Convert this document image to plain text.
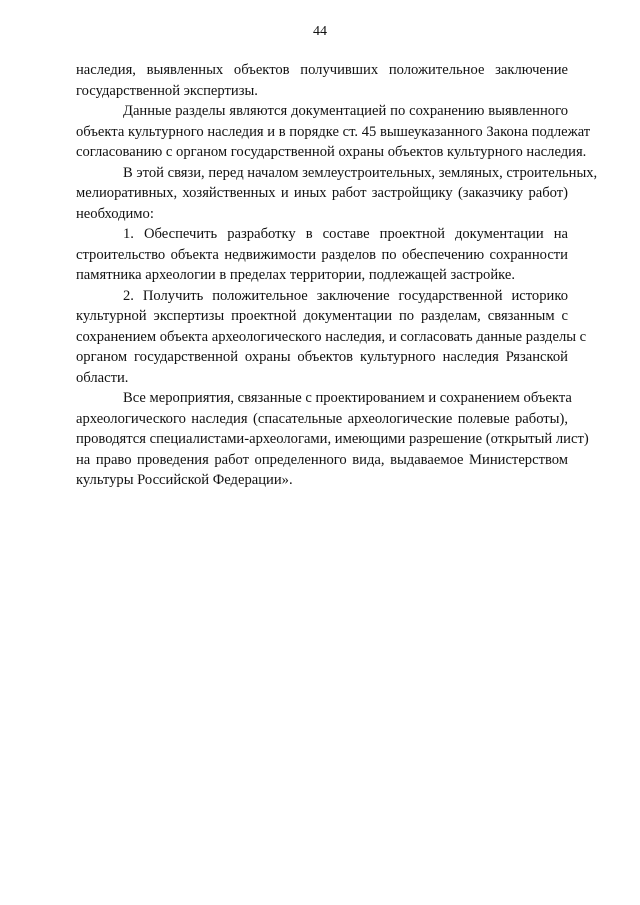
44
наследия, выявленных объектов получивших положительное заключение
государственной экспертизы.
Данные разделы являются документацией по сохранению выявленного
объекта культурного наследия и в порядке ст. 45 вышеуказанного Закона подлежат
согласованию с органом государственной охраны объектов культурного наследия.
В этой связи, перед началом землеустроительных, земляных, строительных,
мелиоративных, хозяйственных и иных работ застройщику (заказчику работ)
необходимо:
1. Обеспечить разработку в составе проектной документации на
строительство объекта недвижимости разделов по обеспечению сохранности
памятника археологии в пределах территории, подлежащей застройке.
2. Получить положительное заключение государственной историко
культурной экспертизы проектной документации по разделам, связанным с
сохранением объекта археологического наследия, и согласовать данные разделы с
органом государственной охраны объектов культурного наследия Рязанской
области.
Все мероприятия, связанные с проектированием и сохранением объекта
археологического наследия (спасательные археологические полевые работы),
проводятся специалистами-археологами, имеющими разрешение (открытый лист)
на право проведения работ определенного вида, выдаваемое Министерством
культуры Российской Федерации».
